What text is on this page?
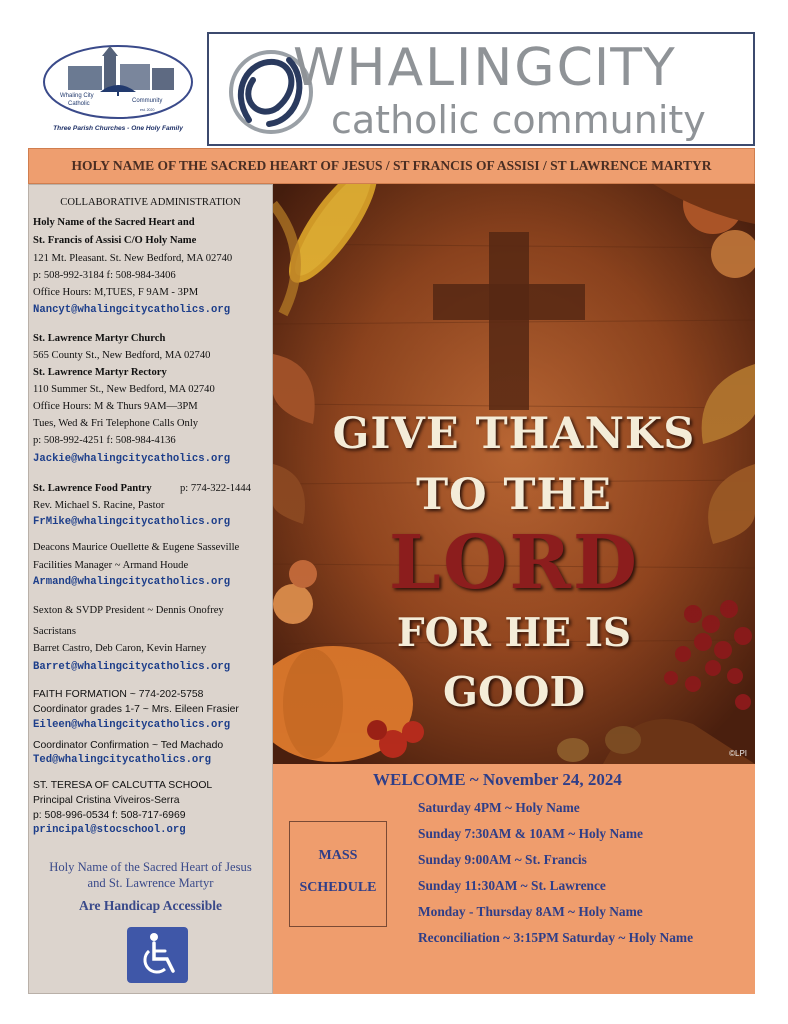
Whaling City
Catholic	Community
est. 2020
Three Parish Churches - One Holy Family
WHALINGCITY
catholic community
HOLY NAME OF THE SACRED HEART OF JESUS / ST FRANCIS OF ASSISI / ST LAWRENCE MARTYR
COLLABORATIVE ADMINISTRATION
Holy Name of the Sacred Heart and
St. Francis of Assisi C/O Holy Name
121 Mt. Pleasant. St. New Bedford, MA 02740
p: 508-992-3184 f: 508-984-3406
Office Hours: M,TUES, F 9AM - 3PM
Nancyt@whalingcitycatholics.org
St. Lawrence Martyr Church
565 County St., New Bedford, MA 02740
St. Lawrence Martyr Rectory
110 Summer St., New Bedford, MA 02740
Office Hours: M & Thurs 9AM—3PM
Tues, Wed & Fri Telephone Calls Only
p: 508-992-4251 f: 508-984-4136
Jackie@whalingcitycatholics.org
St. Lawrence Food Pantry	p: 774-322-1444
Rev. Michael S. Racine, Pastor
FrMike@whalingcitycatholics.org
Deacons Maurice Ouellette & Eugene Sasseville
Facilities Manager ~ Armand Houde
Armand@whalingcitycatholics.org
Sexton & SVDP President ~ Dennis Onofrey
Sacristans
Barret Castro, Deb Caron, Kevin Harney
Barret@whalingcitycatholics.org
FAITH FORMATION ~ 774-202-5758
Coordinator grades 1-7 ~ Mrs. Eileen Frasier
Eileen@whalingcitycatholics.org
Coordinator Confirmation ~ Ted Machado
Ted@whalingcitycatholics.org
ST. TERESA OF CALCUTTA SCHOOL
Principal Cristina Viveiros-Serra
p: 508-996-0534 f: 508-717-6969
principal@stocschool.org
Holy Name of the Sacred Heart of Jesus
and St. Lawrence Martyr
Are Handicap Accessible
GIVE THANKS
TO THE
LORD
FOR HE IS
GOOD
©LPI
WELCOME ~ November 24, 2024
MASS
SCHEDULE
Saturday 4PM ~ Holy Name
Sunday 7:30AM & 10AM ~ Holy Name
Sunday 9:00AM ~ St. Francis
Sunday 11:30AM ~ St. Lawrence
Monday - Thursday 8AM ~ Holy Name
Reconciliation ~ 3:15PM Saturday ~ Holy Name
